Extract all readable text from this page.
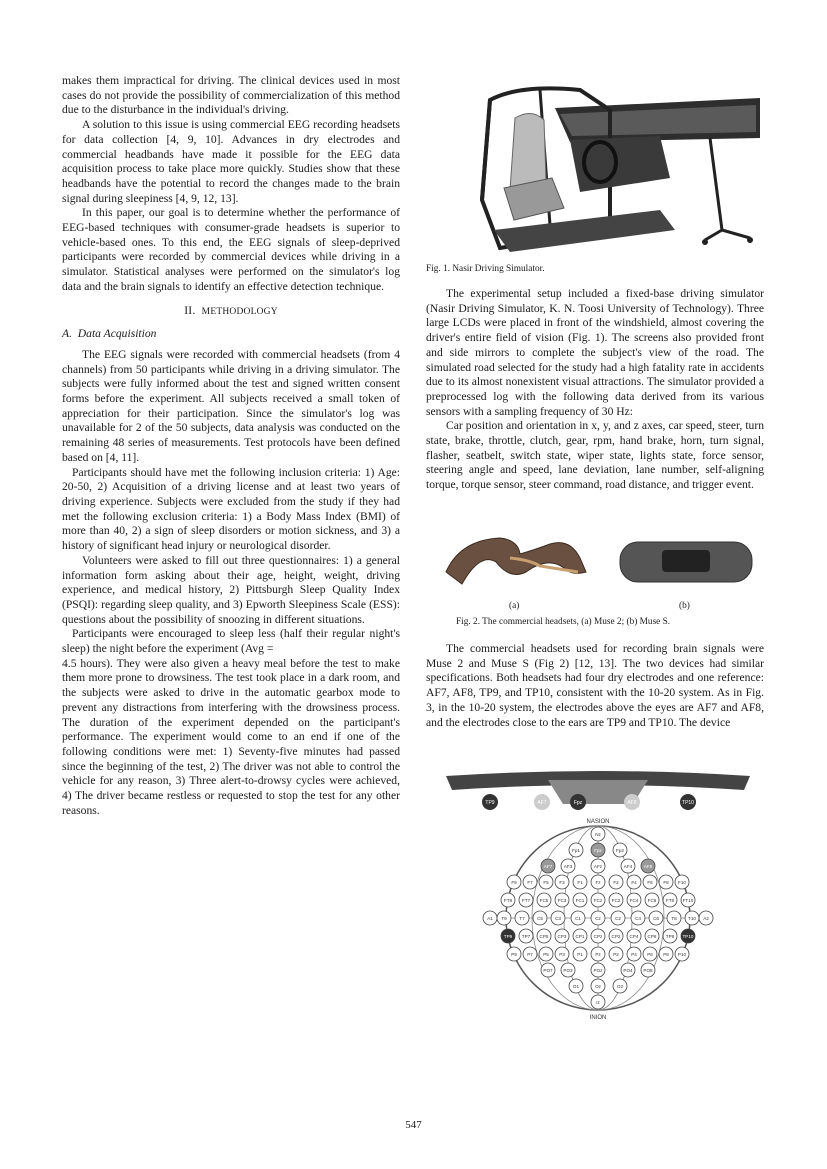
makes them impractical for driving. The clinical devices used in most cases do not provide the possibility of commercialization of this method due to the disturbance in the individual's driving.

A solution to this issue is using commercial EEG recording headsets for data collection [4, 9, 10]. Advances in dry electrodes and commercial headbands have made it possible for the EEG data acquisition process to take place more quickly. Studies show that these headbands have the potential to record the changes made to the brain signal during sleepiness [4, 9, 12, 13].

In this paper, our goal is to determine whether the performance of EEG-based techniques with consumer-grade headsets is superior to vehicle-based ones. To this end, the EEG signals of sleep-deprived participants were recorded by commercial devices while driving in a simulator. Statistical analyses were performed on the simulator's log data and the brain signals to identify an effective detection technique.

II. METHODOLOGY
A. Data Acquisition

The EEG signals were recorded with commercial headsets (from 4 channels) from 50 participants while driving in a driving simulator. The subjects were fully informed about the test and signed written consent forms before the experiment. All subjects received a small token of appreciation for their participation. Since the simulator's log was unavailable for 2 of the 50 subjects, data analysis was conducted on the remaining 48 series of measurements. Test protocols have been defined based on [4, 11].

Participants should have met the following inclusion criteria: 1) Age: 20-50, 2) Acquisition of a driving license and at least two years of driving experience. Subjects were excluded from the study if they had met the following exclusion criteria: 1) a Body Mass Index (BMI) of more than 40, 2) a sign of sleep disorders or motion sickness, and 3) a history of significant head injury or neurological disorder.

Volunteers were asked to fill out three questionnaires: 1) a general information form asking about their age, height, weight, driving experience, and medical history, 2) Pittsburgh Sleep Quality Index (PSQI): regarding sleep quality, and 3) Epworth Sleepiness Scale (ESS): questions about the possibility of snoozing in different situations.

Participants were encouraged to sleep less (half their regular night's sleep) the night before the experiment (Avg =

4.5 hours). They were also given a heavy meal before the test to make them more prone to drowsiness. The test took place in a dark room, and the subjects were asked to drive in the automatic gearbox mode to prevent any distractions from interfering with the drowsiness process. The duration of the experiment depended on the participant's performance. The experiment would come to an end if one of the following conditions were met: 1) Seventy-five minutes had passed since the beginning of the test, 2) The driver was not able to control the vehicle for any reason, 3) Three alert-to-drowsy cycles were achieved, 4) The driver became restless or requested to stop the test for any other reasons.

Fig. 1. Nasir Driving Simulator.

The experimental setup included a fixed-base driving simulator (Nasir Driving Simulator, K. N. Toosi University of Technology). Three large LCDs were placed in front of the windshield, almost covering the driver's entire field of vision (Fig. 1). The screens also provided front and side mirrors to complete the subject's view of the road. The simulated road selected for the study had a high fatality rate in accidents due to its almost nonexistent visual attractions. The simulator provided a preprocessed log with the following data derived from its various sensors with a sampling frequency of 30 Hz:

Car position and orientation in x, y, and z axes, car speed, steer, turn state, brake, throttle, clutch, gear, rpm, hand brake, horn, turn signal, flasher, seatbelt, switch state, wiper state, lights state, force sensor, steering angle and speed, lane deviation, lane number, self-aligning torque, torque sensor, steer command, road distance, and trigger event.

(a)	(b)
Fig. 2. The commercial headsets, (a) Muse 2; (b) Muse S.

The commercial headsets used for recording brain signals were Muse 2 and Muse S (Fig 2) [12, 13]. The two devices had similar specifications. Both headsets had four dry electrodes and one reference: AF7, AF8, TP9, and TP10, consistent with the 10-20 system. As in Fig. 3, in the 10-20 system, the electrodes above the eyes are AF7 and AF8, and the electrodes close to the ears are TP9 and TP10. The device

TP9	AF7	Fpz	AF8	TP10
NASION
INION
Nz
Fp1	Fpz	Fp2
AF7	AF3	AFz	AF4	AF8
F9 F7 F5 F3	F1	Fz	F2	F4 F6 F8 F10
FT9 FT7 FC5 FC3 FC1 FCz FC2 FC4 FC6 FT8 FT10
A1 T9	T7	C5	C3	C1	Cz	C2	C4	C6	T8 T10 A2
TP9 TP7 CP5 CP3 CP1 CPz CP2 CP4 CP6 TP8 TP10
P9 P7 P5 P3	P1	Pz	P2	P4 P6 P8 P10
PO7 PO3	POz	PO4 PO8
O1	Oz	O2
Iz
547
